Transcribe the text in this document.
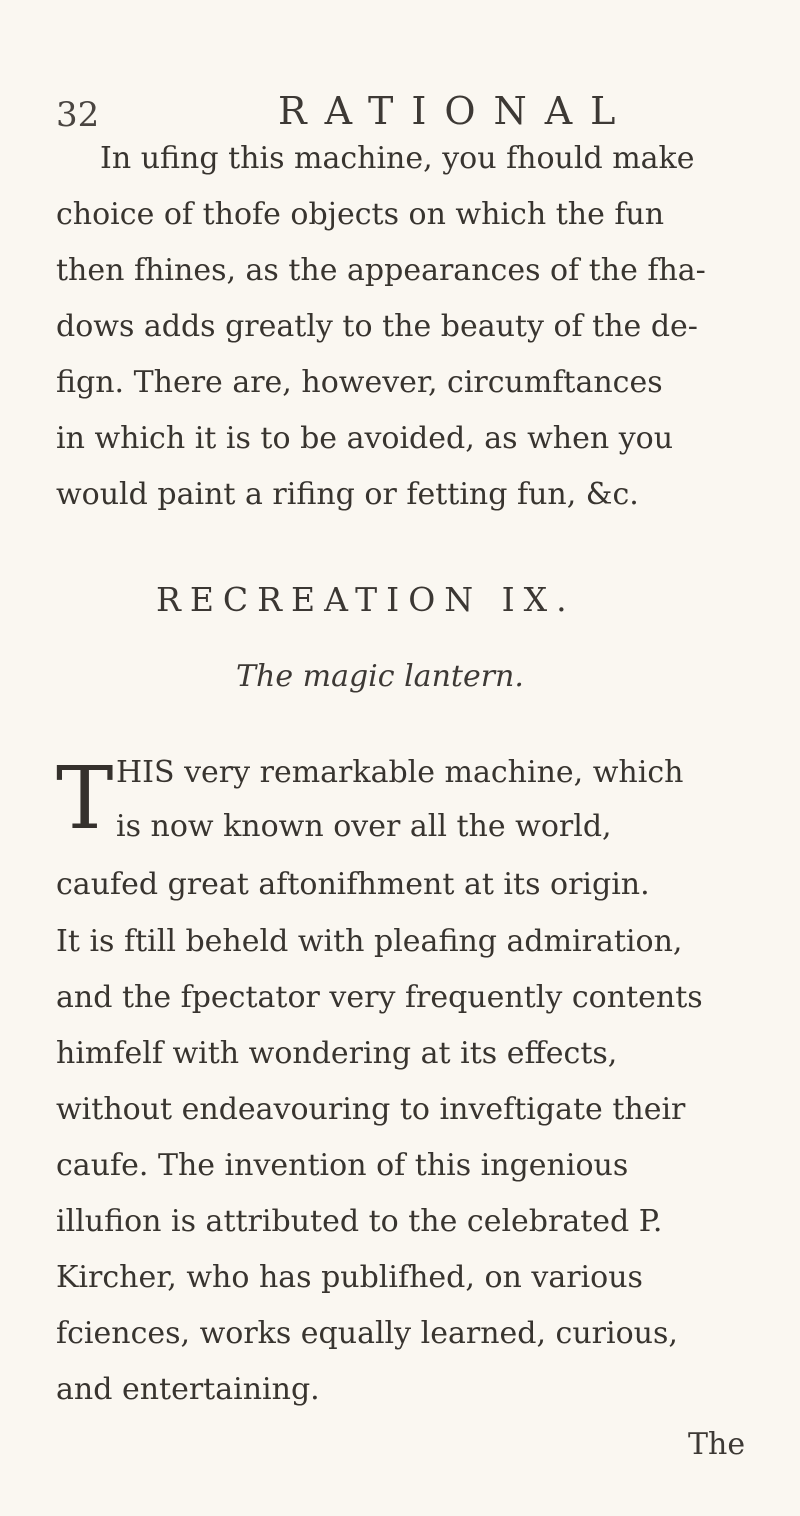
32	RATIONAL
In ufing this machine, you fhould make
choice of thofe objects on which the fun
then fhines, as the appearances of the fha-
dows adds greatly to the beauty of the de-
fign. There are, however, circumftances
in which it is to be avoided, as when you
would paint a rifing or fetting fun, &c.
RECREATION IX.
The magic lantern.
T HIS very remarkable machine, which
is now known over all the world,
caufed great aftonifhment at its origin.
It is ftill beheld with pleafing admiration,
and the fpectator very frequently contents
himfelf with wondering at its effects,
without endeavouring to inveftigate their
caufe. The invention of this ingenious
illufion is attributed to the celebrated P.
Kircher, who has publifhed, on various
fciences, works equally learned, curious,
and entertaining.
The
